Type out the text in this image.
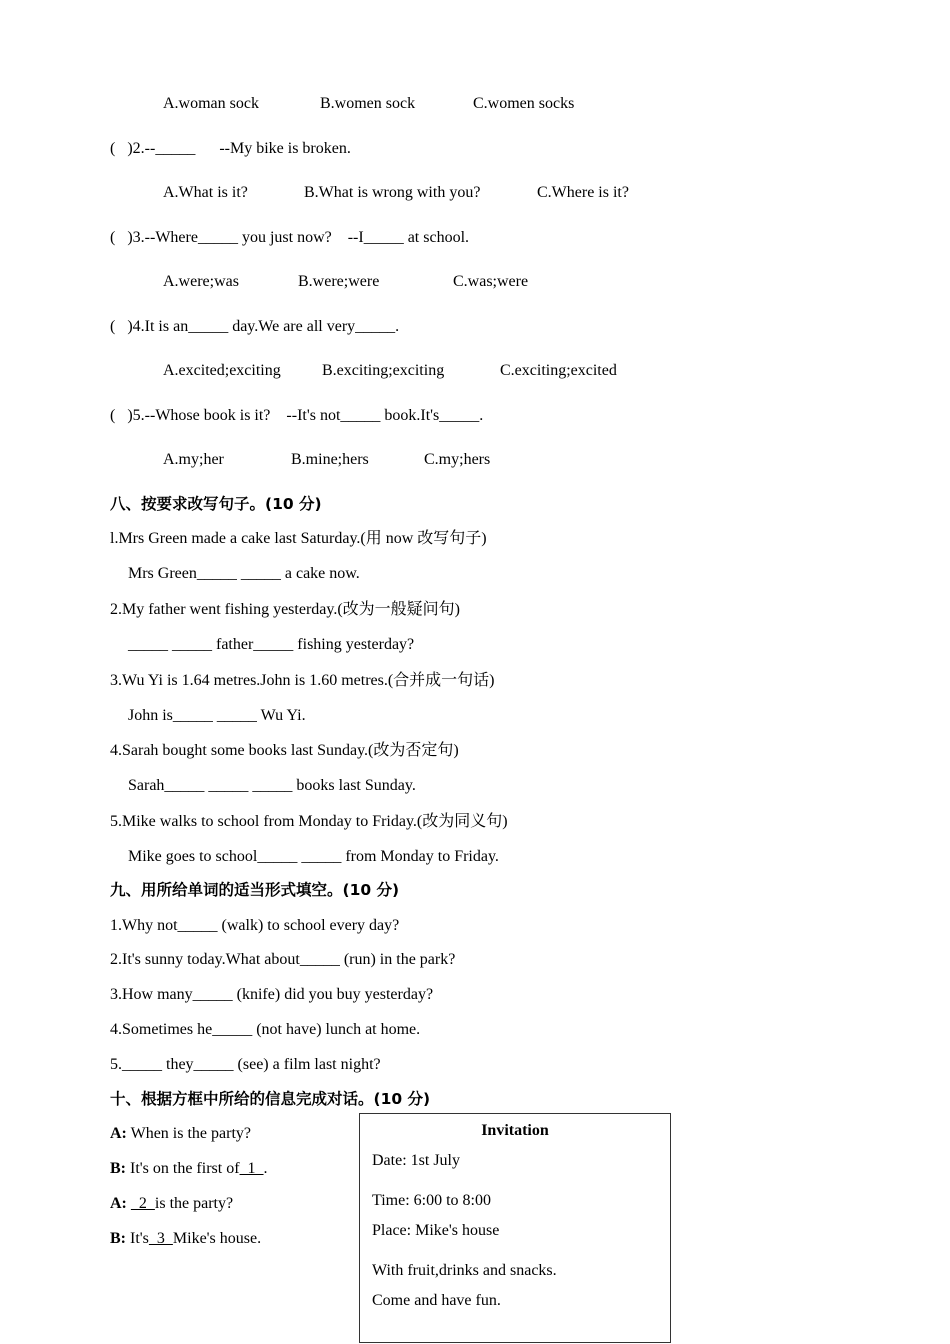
A.woman sock	B.women sock	C.women socks
(   )2.--_____      --My bike is broken.
A.What is it?	B.What is wrong with you?	C.Where is it?
(   )3.--Where_____ you just now?    --I_____ at school.
A.were;was	B.were;were	C.was;were
(   )4.It is an_____ day.We are all very_____.
A.excited;exciting	B.exciting;exciting	C.exciting;excited
(   )5.--Whose book is it?    --It's not_____ book.It's_____.
A.my;her	B.mine;hers	C.my;hers
八、按要求改写句子。(10 分)
l.Mrs Green made a cake last Saturday.(用 now 改写句子)
Mrs Green_____ _____ a cake now.
2.My father went fishing yesterday.(改为一般疑问句)
_____ _____ father_____ fishing yesterday?
3.Wu Yi is 1.64 metres.John is 1.60 metres.(合并成一句话)
John is_____ _____ Wu Yi.
4.Sarah bought some books last Sunday.(改为否定句)
Sarah_____ _____ _____ books last Sunday.
5.Mike walks to school from Monday to Friday.(改为同义句)
Mike goes to school_____ _____ from Monday to Friday.
九、用所给单词的适当形式填空。(10 分)
1.Why not_____ (walk) to school every day?
2.It's sunny today.What about_____ (run) in the park?
3.How many_____ (knife) did you buy yesterday?
4.Sometimes he_____ (not have) lunch at home.
5._____ they_____ (see) a film last night?
十、根据方框中所给的信息完成对话。(10 分)
A: When is the party?
B: It's on the first of  1  .
A:   2  is the party?
B: It's  3  Mike's house.
Invitation
Date: 1st July
Time: 6:00 to 8:00
Place: Mike's house
With fruit,drinks and snacks.
Come and have fun.
